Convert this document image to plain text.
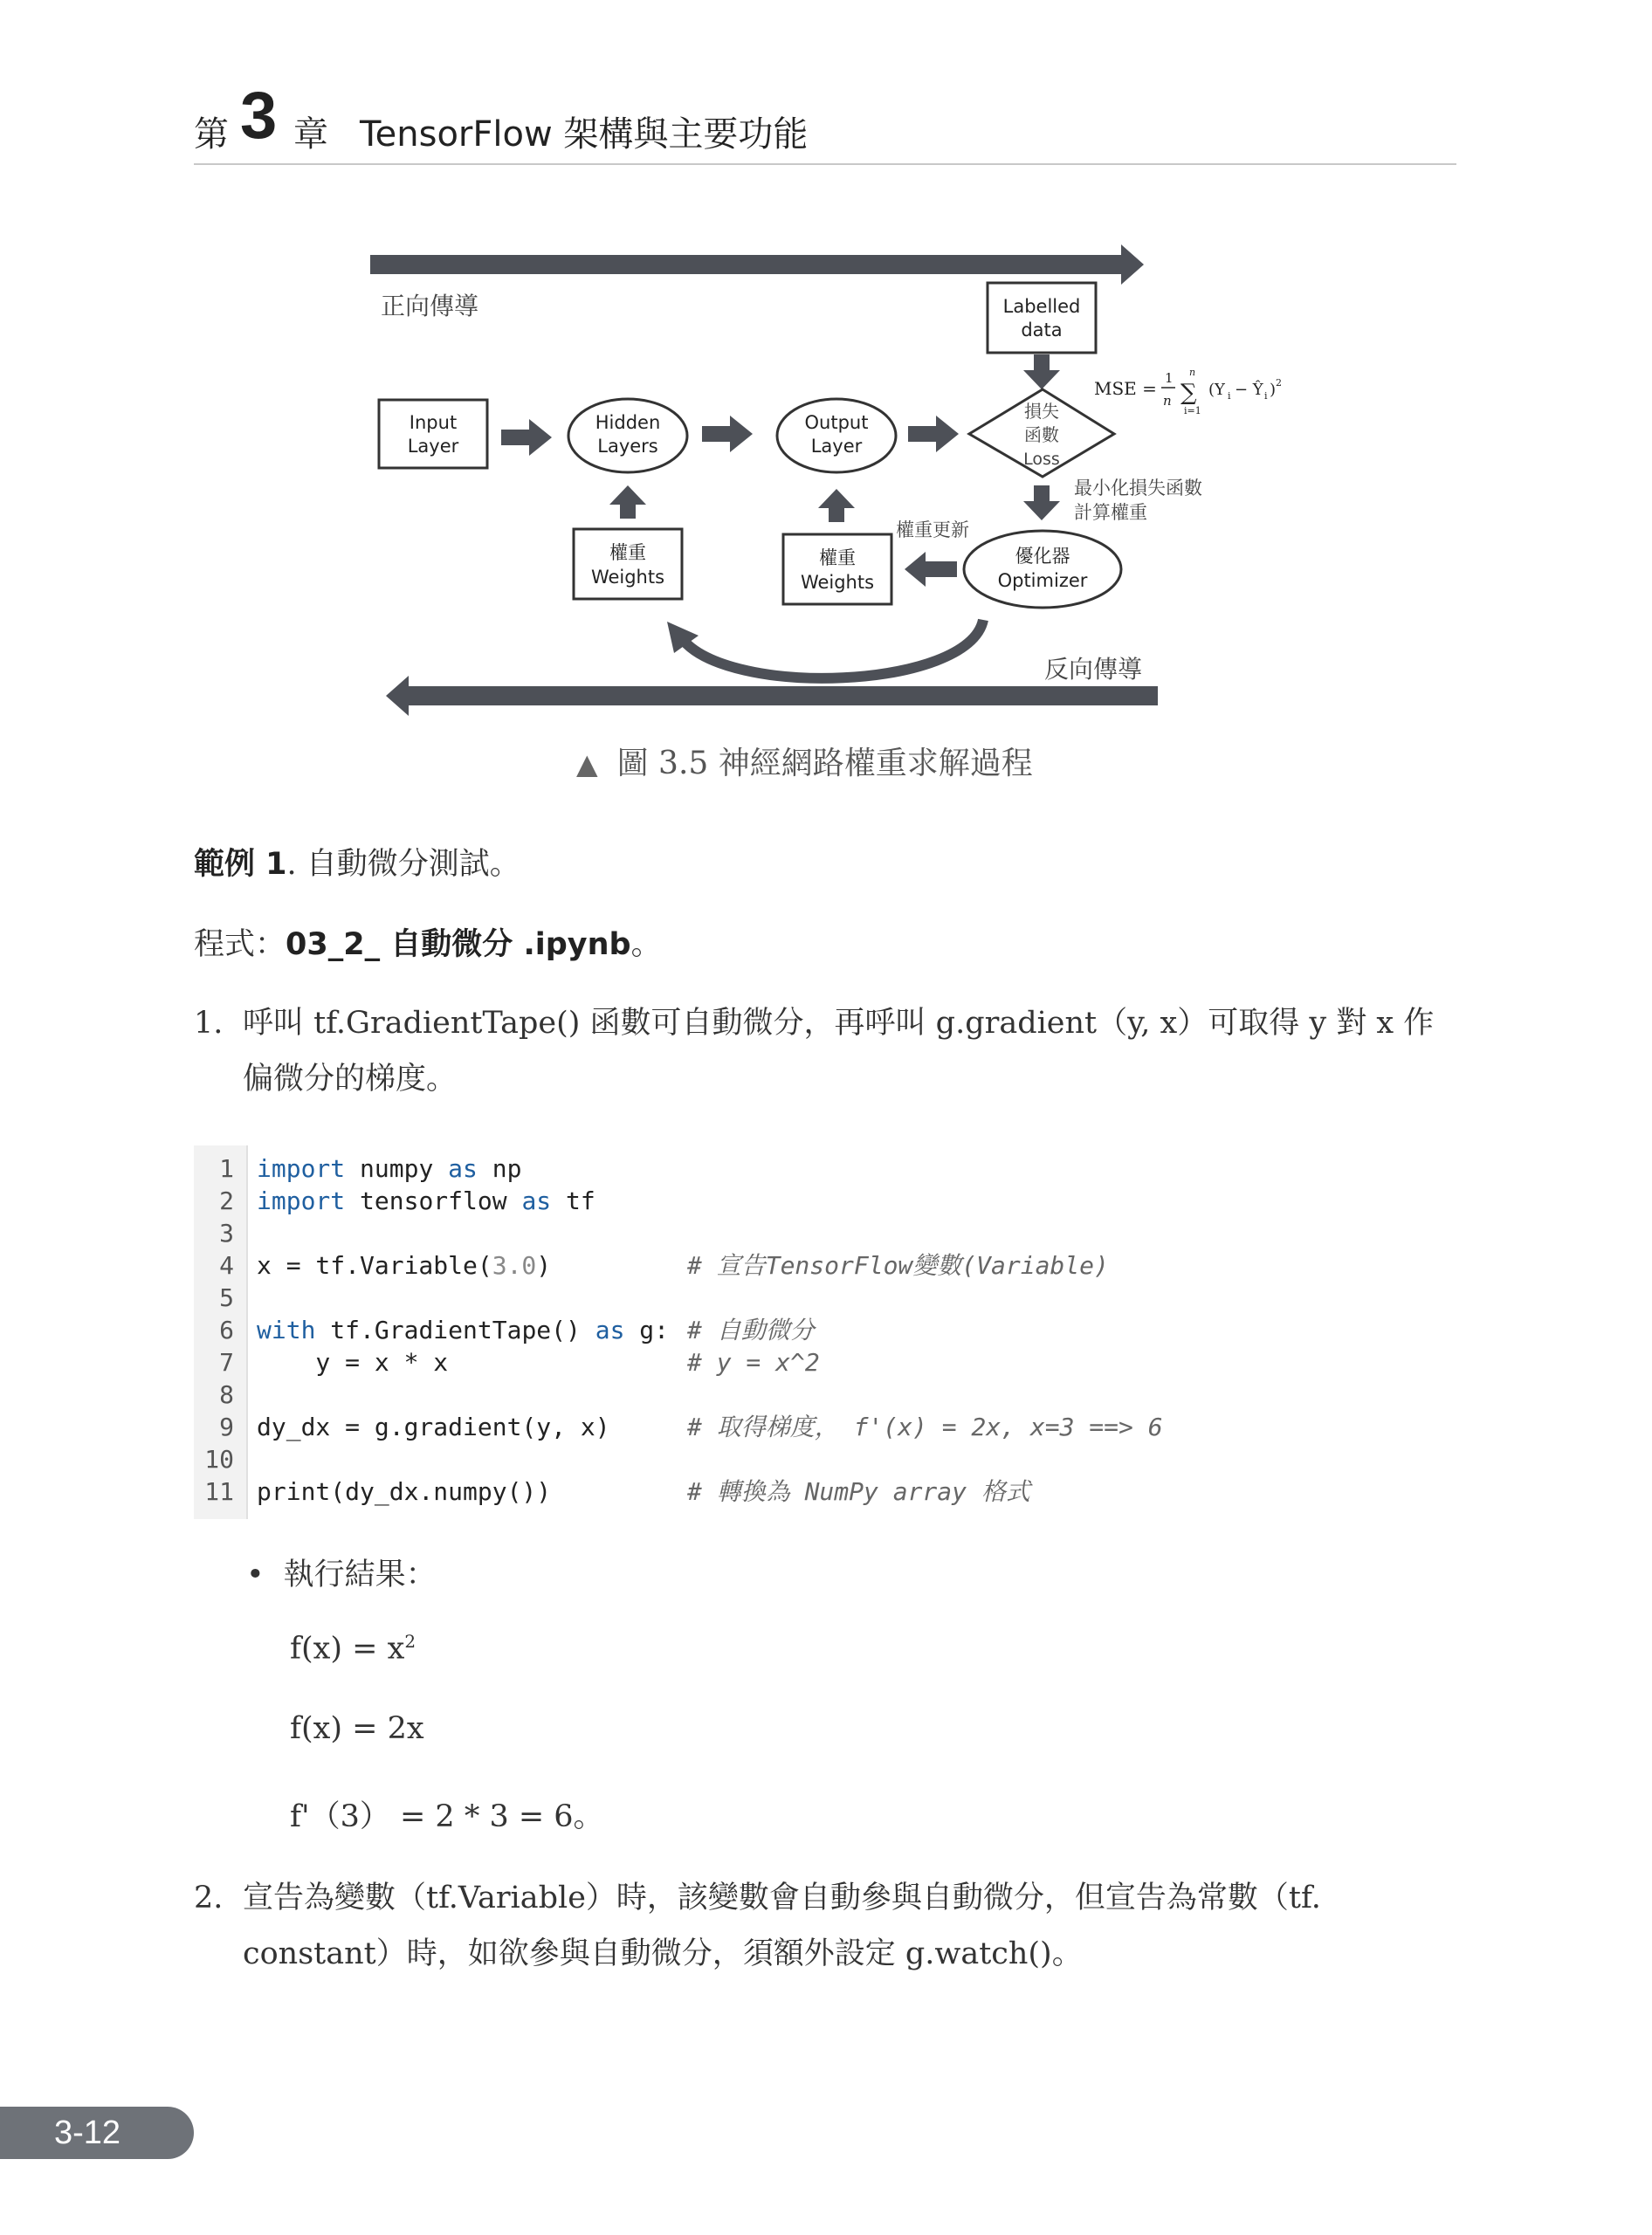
第 3 章 TensorFlow 架構與主要功能
正向傳導	Labelled
data
MSE = 1
n ∑
n
i=1
(Y i − Ŷ i ) 2
Input
Layer
Hidden
Layers
Output
Layer
損失
函數
Loss
最小化損失函數
計算權重
權重
Weights
權重
Weights
權重更新
優化器
Optimizer
反向傳導
▲ 圖 3.5 神經網路權重求解過程
範例 1. 自動微分測試。
程式：03_2_ 自動微分 .ipynb。
1. 呼叫 tf.GradientTape() 函數可自動微分，再呼叫 g.gradient（y, x）可取得 y 對 x 作偏微分的梯度。
1
2
3
4
5
6
7
8
9
10
11
import numpy as np
import tensorflow as tf
x = tf.Variable(3.0)	# 宣告TensorFlow變數(Variable)
with tf.GradientTape() as g: # 自動微分
y = x * x	# y = x^2
dy_dx = g.gradient(y, x)	# 取得梯度， f'(x) = 2x, x=3 ==> 6
print(dy_dx.numpy())	# 轉換為 NumPy array 格式
• 執行結果：
$f(x) = x^2$
f(x) = 2x
f'（3） = 2 * 3 = 6。
2. 宣告為變數（tf.Variable）時，該變數會自動參與自動微分，但宣告為常數（tf. constant）時，如欲參與自動微分，須額外設定 g.watch()。
3-12
